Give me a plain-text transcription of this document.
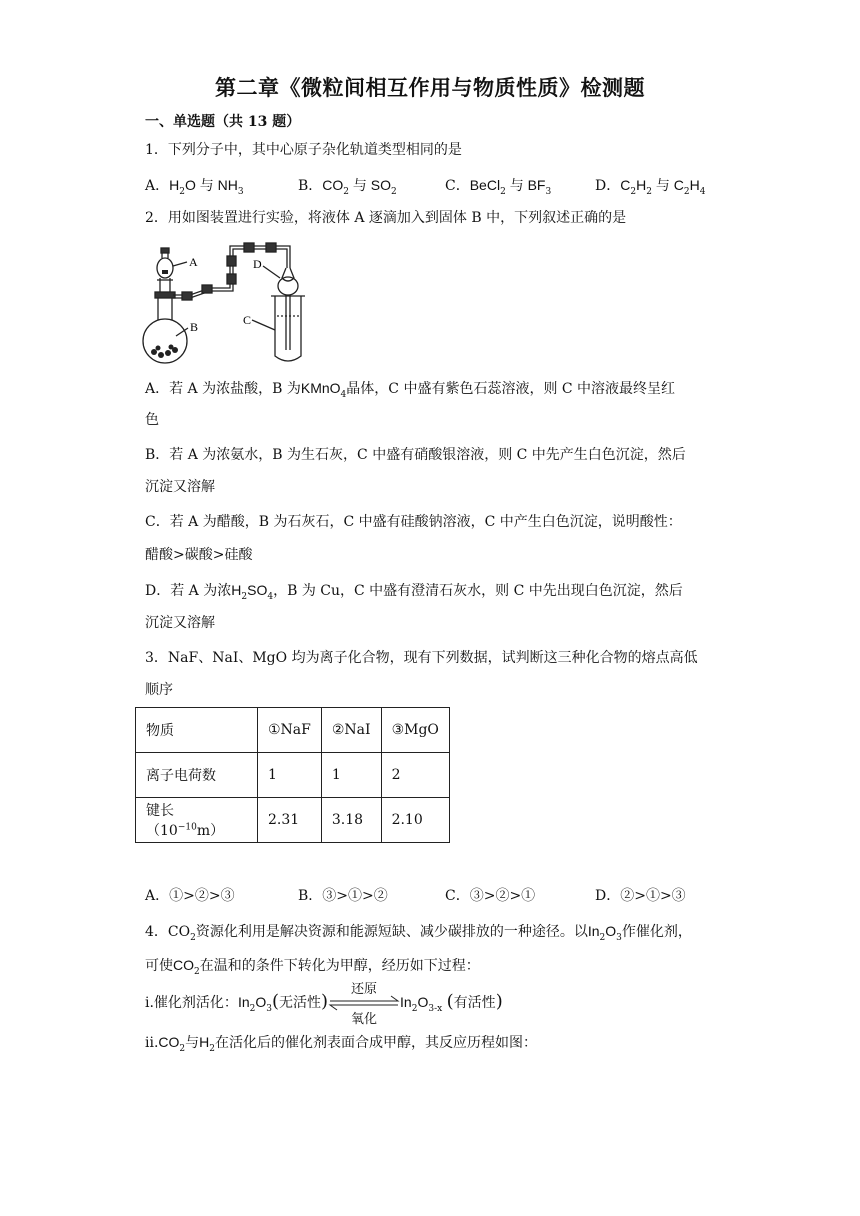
第二章《微粒间相互作用与物质性质》检测题
一、单选题（共 13 题）
1．下列分子中，其中心原子杂化轨道类型相同的是
A．$H_2O$ 与 $NH_3$	B．$CO_2$ 与 $SO_2$	C．BeCl$_2$ 与 $BF_3$	D．$C_2H_2$ 与 $C_2H_4$
2．用如图装置进行实验，将液体 A 逐滴加入到固体 B 中，下列叙述正确的是
A
B
D
C
A．若 A 为浓盐酸，B 为KMnO$_4$晶体，C 中盛有紫色石蕊溶液，则 C 中溶液最终呈红
色
B．若 A 为浓氨水，B 为生石灰，C 中盛有硝酸银溶液，则 C 中先产生白色沉淀，然后
沉淀又溶解
C．若 A 为醋酸，B 为石灰石，C 中盛有硅酸钠溶液，C 中产生白色沉淀，说明酸性：
醋酸>碳酸>硅酸
D．若 A 为浓$H_2SO_4$，B 为 Cu，C 中盛有澄清石灰水，则 C 中先出现白色沉淀，然后
沉淀又溶解
3．NaF、NaI、MgO 均为离子化合物，现有下列数据，试判断这三种化合物的熔点高低
顺序
物质	①NaF	②NaI	③MgO
离子电荷数	1	1	2
键长$(10^{-10}m)$	2.31	3.18	2.10
A．①>②>③	B．③>①>②	C．③>②>①	D．②>①>③
4．$CO_2$资源化利用是解决资源和能源短缺、减少碳排放的一种途径。以$In_2O_3$作催化剂，
可使$CO_2$在温和的条件下转化为甲醇，经历如下过程：
i.催化剂活化：$In_2O_3$(无活性)
还原
氧化
$In_2O_{3-x}$ (有活性)
$ii.CO_2$与$H_2$在活化后的催化剂表面合成甲醇，其反应历程如图：
